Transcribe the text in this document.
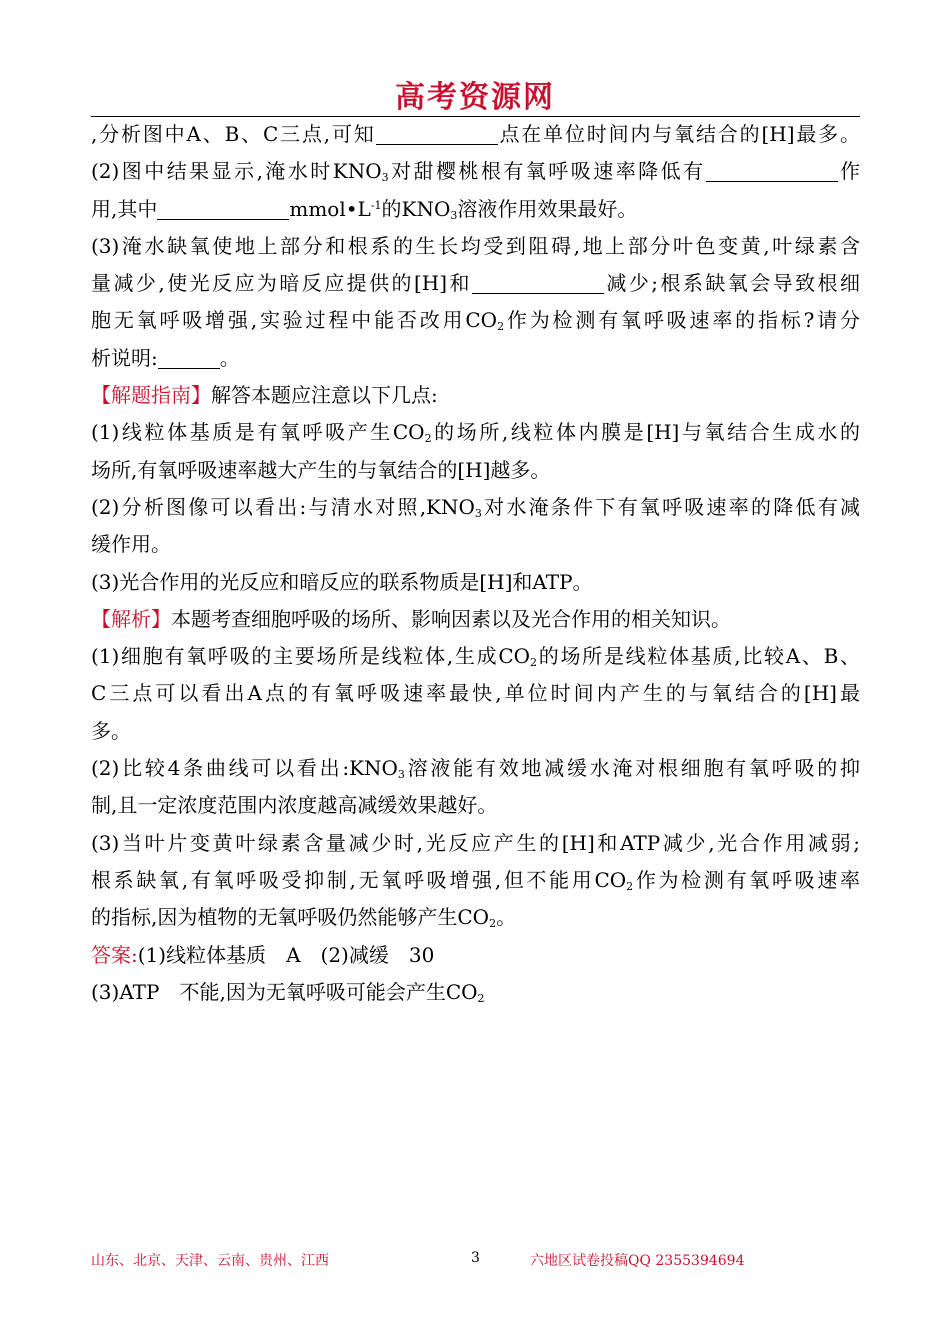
高考资源网
,分析图中A、B、C三点,可知	点在单位时间内与氧结合的[H]最多。
(2)图中结果显示,淹水时$KNO_3$对甜樱桃根有氧呼吸速率降低有	作
用,其中	$mmol•L^{-1}$的$KNO_3$溶液作用效果最好。
(3)淹水缺氧使地上部分和根系的生长均受到阻碍,地上部分叶色变黄,叶绿素含
量减少,使光反应为暗反应提供的[H]和	减少;根系缺氧会导致根细
胞无氧呼吸增强,实验过程中能否改用$CO_2$作为检测有氧呼吸速率的指标?请分
析说明:	。
【解题指南】解答本题应注意以下几点:
(1)线粒体基质是有氧呼吸产生$CO_2$的场所,线粒体内膜是[H]与氧结合生成水的
场所,有氧呼吸速率越大产生的与氧结合的[H]越多。
(2)分析图像可以看出:与清水对照$,KNO_3$对水淹条件下有氧呼吸速率的降低有减
缓作用。
(3)光合作用的光反应和暗反应的联系物质是[H]和ATP。
【解析】本题考查细胞呼吸的场所、影响因素以及光合作用的相关知识。
(1)细胞有氧呼吸的主要场所是线粒体,生成$CO_2$的场所是线粒体基质,比较A、B、
C三点可以看出A点的有氧呼吸速率最快,单位时间内产生的与氧结合的[H]最
多。
(2)比较4条曲线可以看出$:KNO_3$溶液能有效地减缓水淹对根细胞有氧呼吸的抑
制,且一定浓度范围内浓度越高减缓效果越好。
(3)当叶片变黄叶绿素含量减少时,光反应产生的[H]和ATP减少,光合作用减弱;
根系缺氧,有氧呼吸受抑制,无氧呼吸增强,但不能用$CO_2$作为检测有氧呼吸速率
的指标,因为植物的无氧呼吸仍然能够产生$CO_2$。
答案:(1)线粒体基质　A　(2)减缓　30
(3)ATP　不能,因为无氧呼吸可能会产生$CO_2$
山东、北京、天津、云南、贵州、江西	3	六地区试卷投稿QQ 2355394694
